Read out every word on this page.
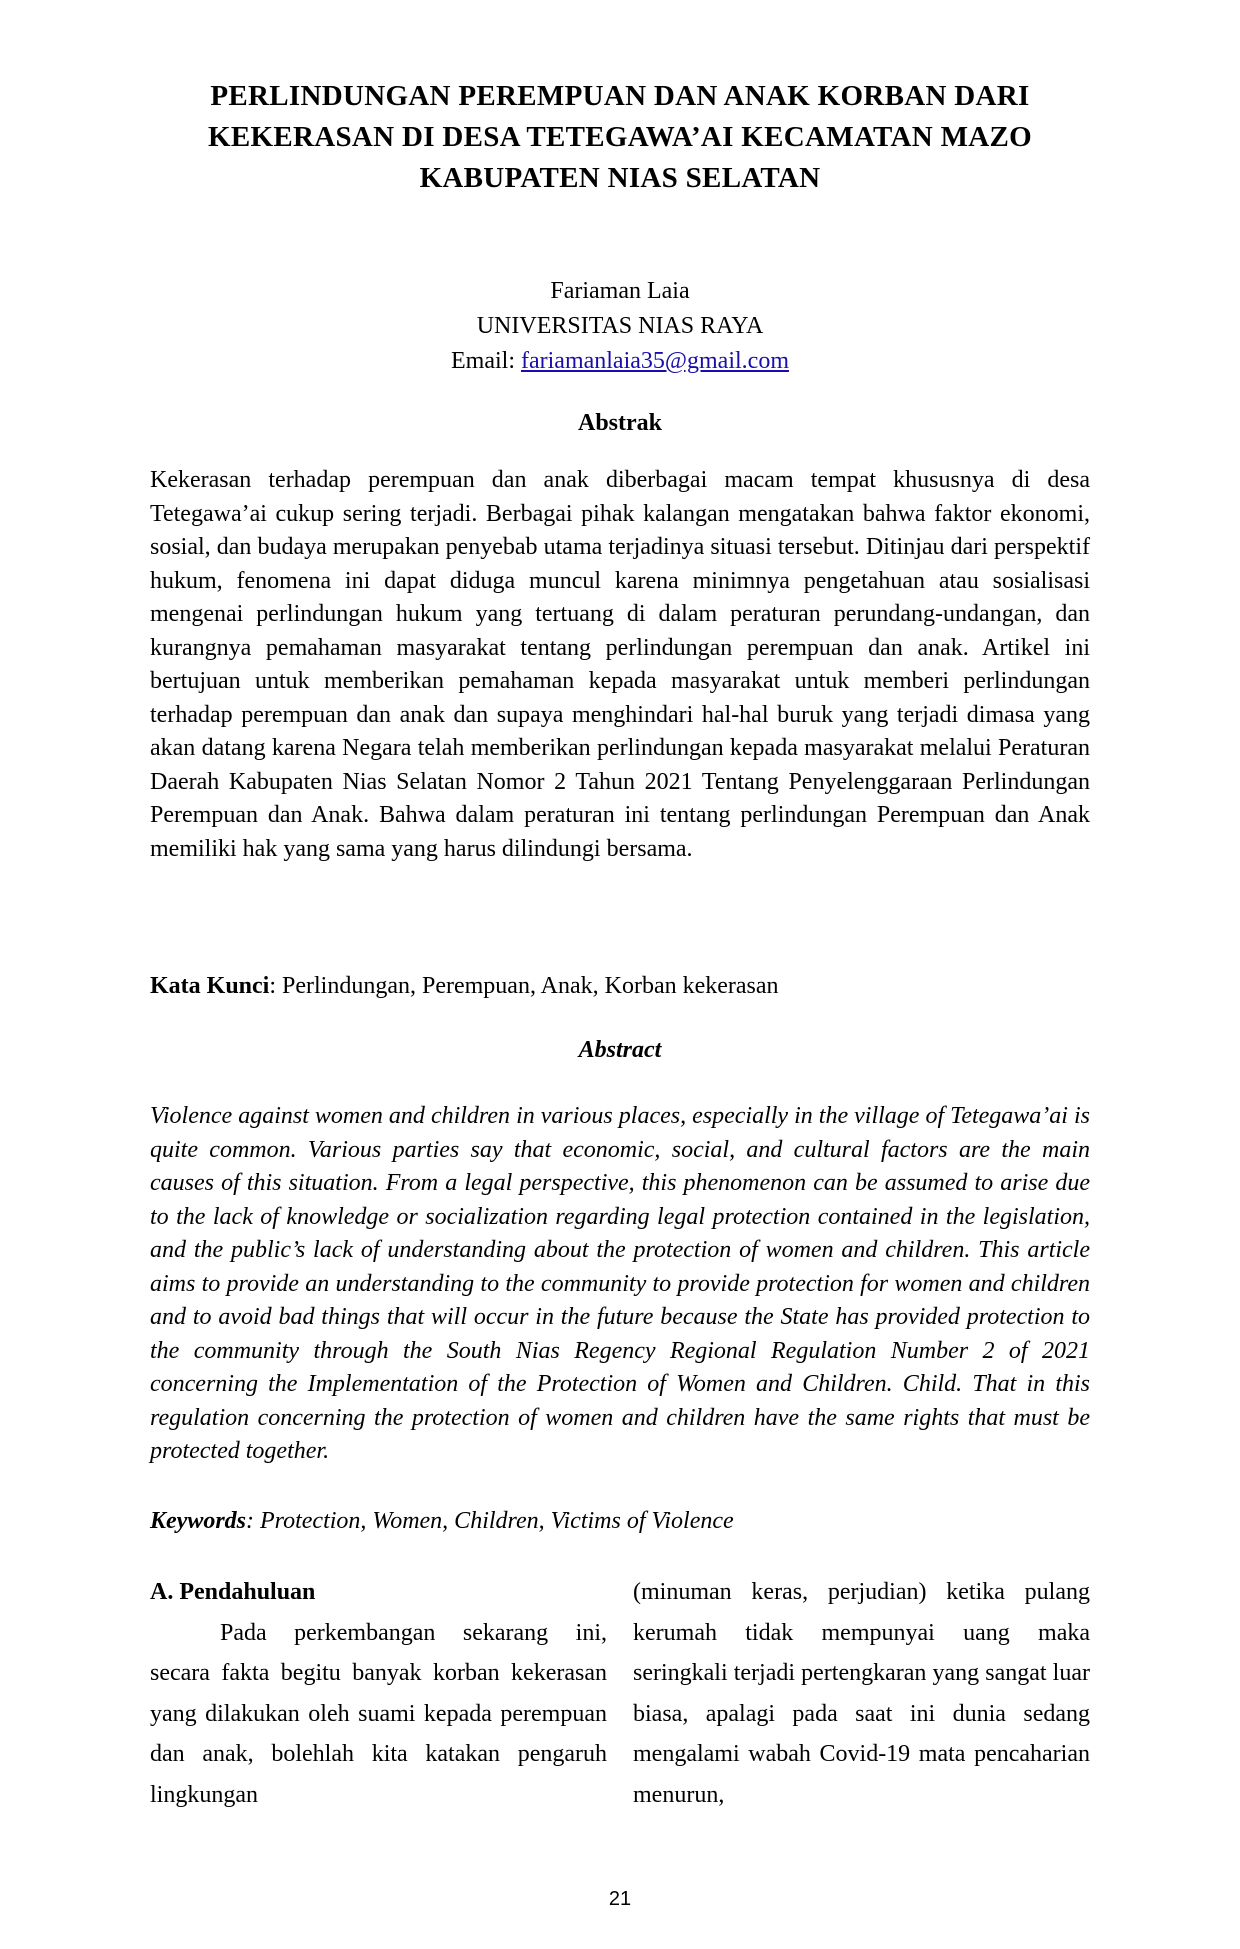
PERLINDUNGAN PEREMPUAN DAN ANAK KORBAN DARI KEKERASAN DI DESA TETEGAWA’AI KECAMATAN MAZO KABUPATEN NIAS SELATAN
Fariaman Laia
UNIVERSITAS NIAS RAYA
Email: fariamanlaia35@gmail.com
Abstrak

Kekerasan terhadap perempuan dan anak diberbagai macam tempat khususnya di desa Tetegawa’ai cukup sering terjadi. Berbagai pihak kalangan mengatakan bahwa faktor ekonomi, sosial, dan budaya merupakan penyebab utama terjadinya situasi tersebut. Ditinjau dari perspektif hukum, fenomena ini dapat diduga muncul karena minimnya pengetahuan atau sosialisasi mengenai perlindungan hukum yang tertuang di dalam peraturan perundang-undangan, dan kurangnya pemahaman masyarakat tentang perlindungan perempuan dan anak. Artikel ini bertujuan untuk memberikan pemahaman kepada masyarakat untuk memberi perlindungan terhadap perempuan dan anak dan supaya menghindari hal-hal buruk yang terjadi dimasa yang akan datang karena Negara telah memberikan perlindungan kepada masyarakat melalui Peraturan Daerah Kabupaten Nias Selatan Nomor 2 Tahun 2021 Tentang Penyelenggaraan Perlindungan Perempuan dan Anak. Bahwa dalam peraturan ini tentang perlindungan Perempuan dan Anak memiliki hak yang sama yang harus dilindungi bersama.

Kata Kunci: Perlindungan, Perempuan, Anak, Korban kekerasan

Abstract

Violence against women and children in various places, especially in the village of Tetegawa’ai is quite common. Various parties say that economic, social, and cultural factors are the main causes of this situation. From a legal perspective, this phenomenon can be assumed to arise due to the lack of knowledge or socialization regarding legal protection contained in the legislation, and the public’s lack of understanding about the protection of women and children. This article aims to provide an understanding to the community to provide protection for women and children and to avoid bad things that will occur in the future because the State has provided protection to the community through the South Nias Regency Regional Regulation Number 2 of 2021 concerning the Implementation of the Protection of Women and Children. Child. That in this regulation concerning the protection of women and children have the same rights that must be protected together.

Keywords: Protection, Women, Children, Victims of Violence

A. Pendahuluan

Pada perkembangan sekarang ini, secara fakta begitu banyak korban kekerasan yang dilakukan oleh suami kepada perempuan dan anak, bolehlah kita katakan pengaruh lingkungan

(minuman keras, perjudian) ketika pulang kerumah tidak mempunyai uang maka seringkali terjadi pertengkaran yang sangat luar biasa, apalagi pada saat ini dunia sedang mengalami wabah Covid-19 mata pencaharian menurun,

21
